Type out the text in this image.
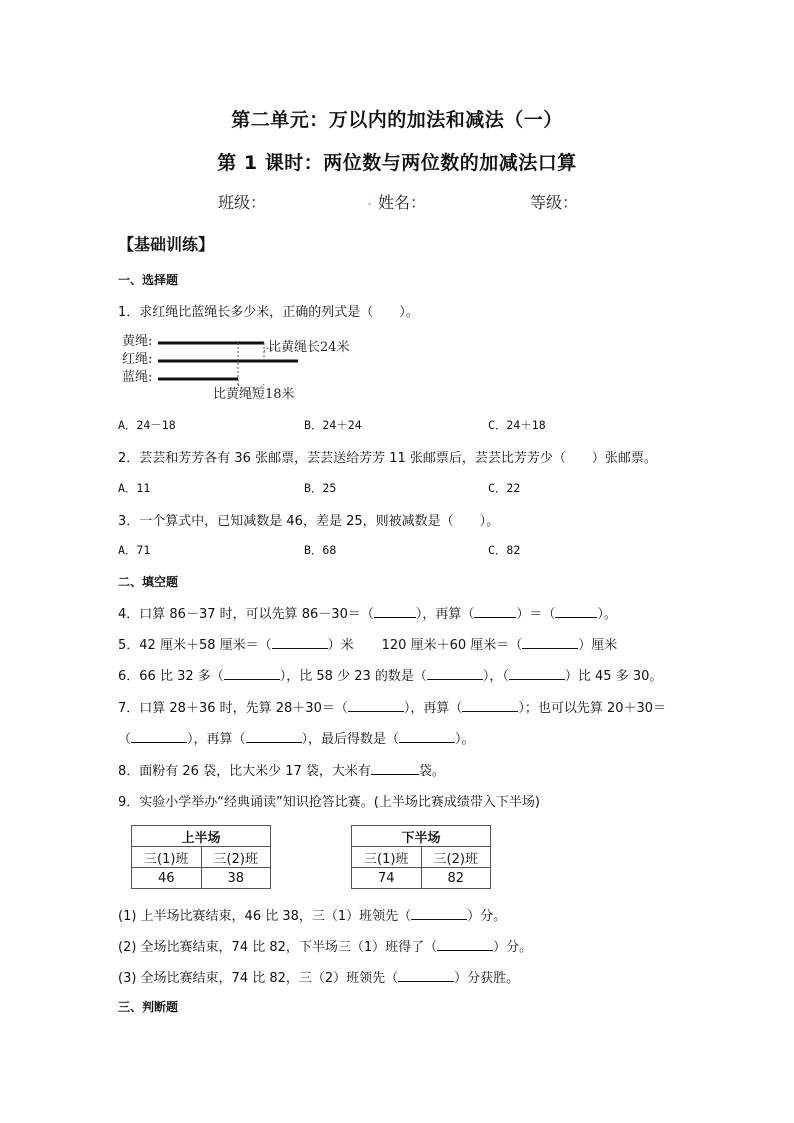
第二单元：万以内的加法和减法（一）
第 1 课时：两位数与两位数的加减法口算
班级：	. 姓名：	等级：
【基础训练】
一、选择题
1．求红绳比蓝绳长多少米，正确的列式是（　　）。
黄绳:
红绳:
蓝绳:
比黄绳长24米
比黄绳短18米
A．24－18	B．24＋24	C．24＋18
2．芸芸和芳芳各有 36 张邮票，芸芸送给芳芳 11 张邮票后，芸芸比芳芳少（　　）张邮票。
A．11	B．25	C．22
3．一个算式中，已知减数是 46，差是 25，则被减数是（　　）。
A．71	B．68	C．82
二、填空题
4．口算 86－37 时，可以先算 86－30＝（	），再算（	）＝（	）。
5．42 厘米＋58 厘米＝（	）米 120 厘米＋60 厘米＝（	）厘米
6．66 比 32 多（	），比 58 少 23 的数是（	），（	）比 45 多 30。
7．口算 28＋36 时，先算 28＋30＝（	），再算（	）；也可以先算 20＋30＝
（	），再算（	），最后得数是（	）。
8．面粉有 26 袋，比大米少 17 袋，大米有	袋。
9．实验小学举办“经典诵读”知识抢答比赛。(上半场比赛成绩带入下半场)
上半场	
三(1)班	三(2)班
46	38
下半场	
三(1)班	三(2)班
74	82
(1) 上半场比赛结束，46 比 38，三（1）班领先（	）分。
(2) 全场比赛结束，74 比 82，下半场三（1）班得了（	）分。
(3) 全场比赛结束，74 比 82，三（2）班领先（	）分获胜。
三、判断题
